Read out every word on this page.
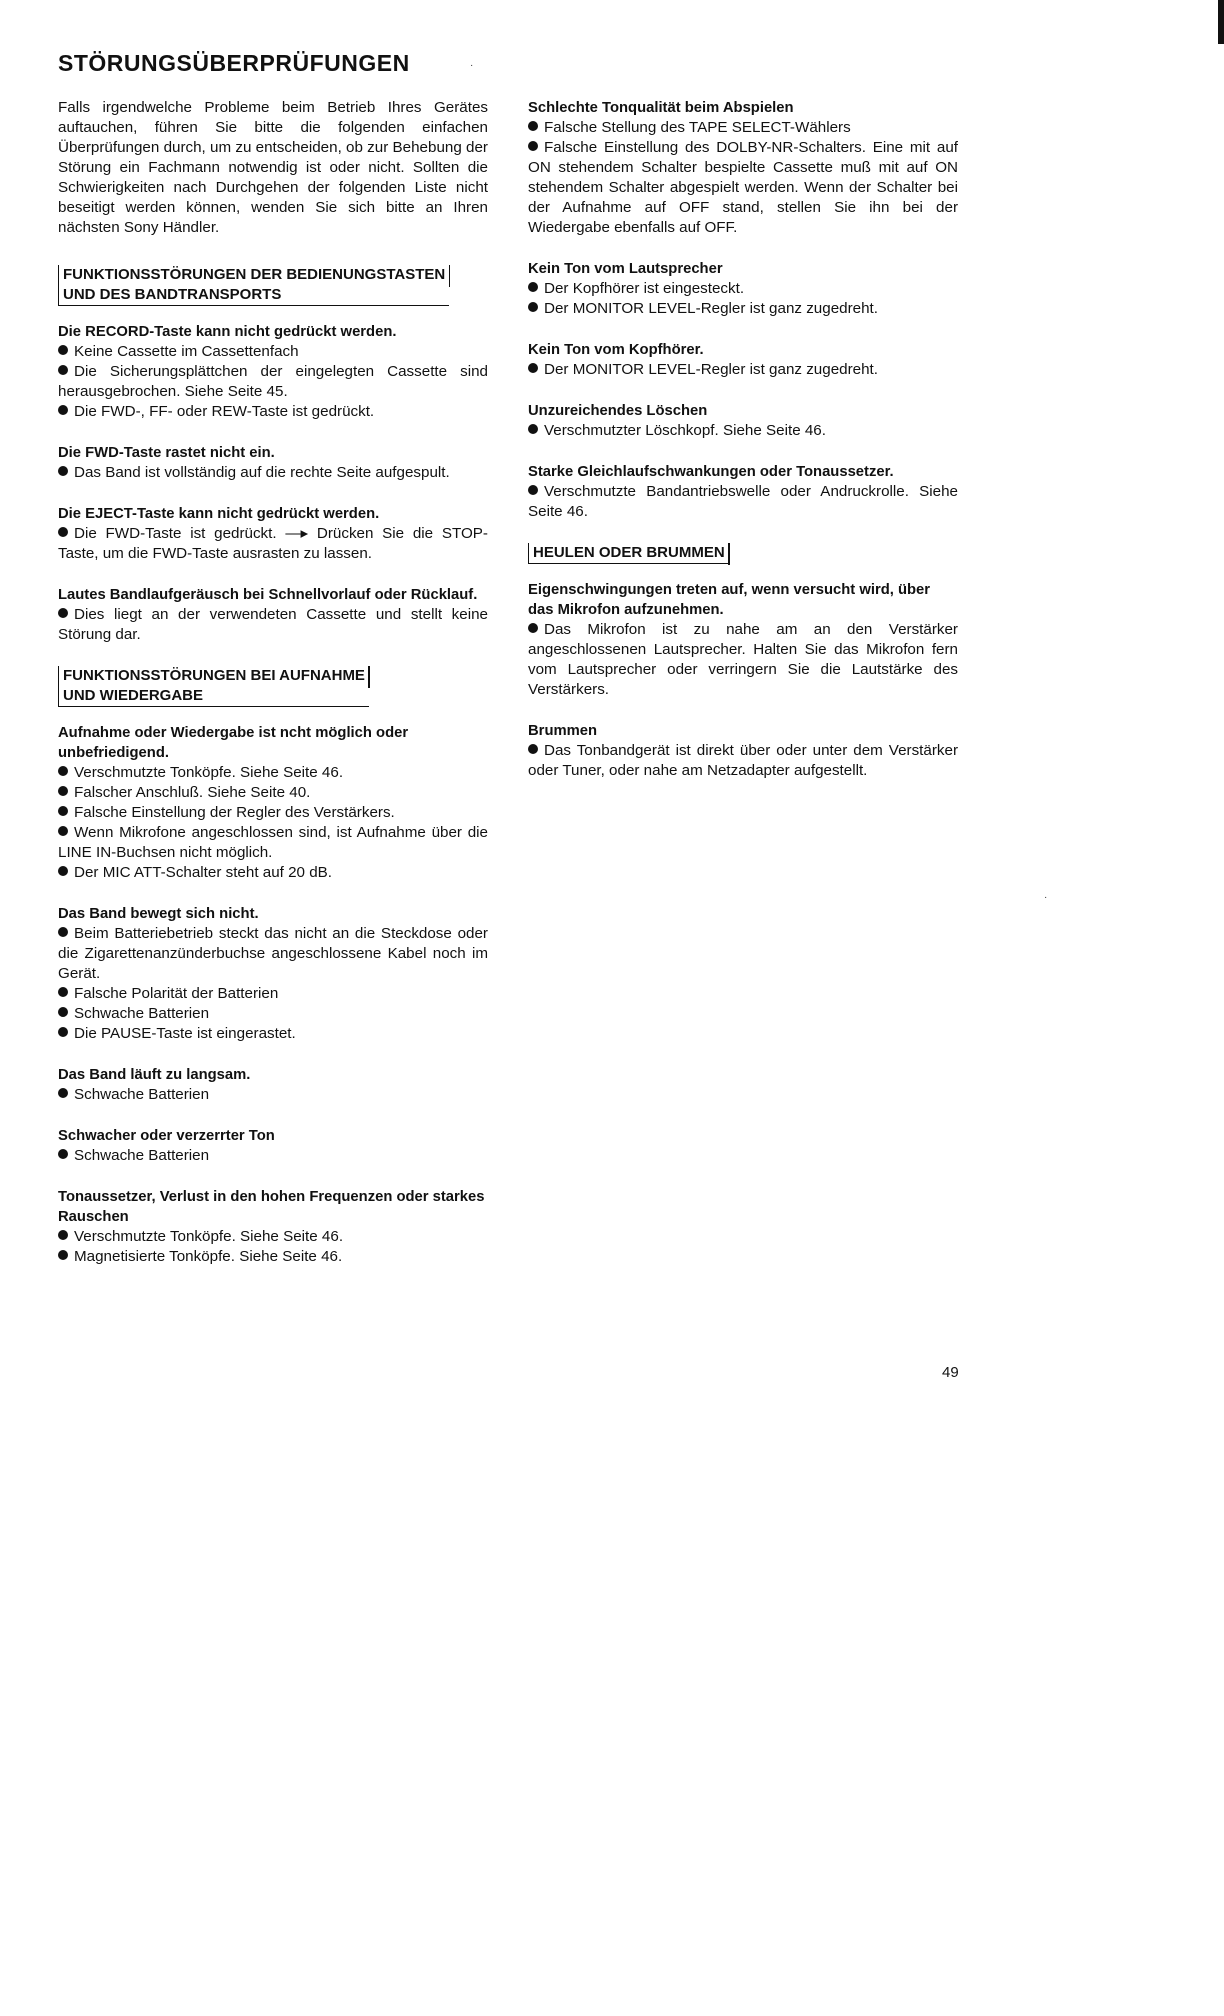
STÖRUNGSÜBERPRÜFUNGEN	·
·

Falls irgendwelche Probleme beim Betrieb Ihres Gerätes auftauchen, führen Sie bitte die folgenden einfachen Überprüfungen durch, um zu entscheiden, ob zur Behebung der Störung ein Fachmann notwendig ist oder nicht. Sollten die Schwierigkeiten nach Durchgehen der folgenden Liste nicht beseitigt werden können, wenden Sie sich bitte an Ihren nächsten Sony Händler.

FUNKTIONSSTÖRUNGEN DER BEDIENUNGSTASTEN
UND DES BANDTRANSPORTS

Die RECORD-Taste kann nicht gedrückt werden.

Keine Cassette im Cassettenfach

Die Sicherungsplättchen der eingelegten Cassette sind herausgebrochen. Siehe Seite 45.

Die FWD-, FF- oder REW-Taste ist gedrückt.

Die FWD-Taste rastet nicht ein.

Das Band ist vollständig auf die rechte Seite aufgespult.

Die EJECT-Taste kann nicht gedrückt werden.

Die FWD-Taste ist gedrückt. —▸ Drücken Sie die STOP-Taste, um die FWD-Taste ausrasten zu lassen.

Lautes Bandlaufgeräusch bei Schnellvorlauf oder Rücklauf.

Dies liegt an der verwendeten Cassette und stellt keine Störung dar.

FUNKTIONSSTÖRUNGEN BEI AUFNAHME
UND WIEDERGABE

Aufnahme oder Wiedergabe ist ncht möglich oder unbefriedigend.

Verschmutzte Tonköpfe. Siehe Seite 46.

Falscher Anschluß. Siehe Seite 40.

Falsche Einstellung der Regler des Verstärkers.

Wenn Mikrofone angeschlossen sind, ist Aufnahme über die LINE IN-Buchsen nicht möglich.

Der MIC ATT-Schalter steht auf 20 dB.

Das Band bewegt sich nicht.

Beim Batteriebetrieb steckt das nicht an die Steckdose oder die Zigarettenanzünderbuchse angeschlossene Kabel noch im Gerät.

Falsche Polarität der Batterien

Schwache Batterien

Die PAUSE-Taste ist eingerastet.

Das Band läuft zu langsam.

Schwache Batterien

Schwacher oder verzerrter Ton

Schwache Batterien

Tonaussetzer, Verlust in den hohen Frequenzen oder starkes Rauschen

Verschmutzte Tonköpfe. Siehe Seite 46.

Magnetisierte Tonköpfe. Siehe Seite 46.

Schlechte Tonqualität beim Abspielen

Falsche Stellung des TAPE SELECT-Wählers

Falsche Einstellung des DOLBY-NR-Schalters. Eine mit auf ON stehendem Schalter bespielte Cassette muß mit auf ON stehendem Schalter abgespielt werden. Wenn der Schalter bei der Aufnahme auf OFF stand, stellen Sie ihn bei der Wiedergabe ebenfalls auf OFF.

Kein Ton vom Lautsprecher

Der Kopfhörer ist eingesteckt.

Der MONITOR LEVEL-Regler ist ganz zugedreht.

Kein Ton vom Kopfhörer.

Der MONITOR LEVEL-Regler ist ganz zugedreht.

Unzureichendes Löschen

Verschmutzter Löschkopf. Siehe Seite 46.

Starke Gleichlaufschwankungen oder Tonaussetzer.

Verschmutzte Bandantriebswelle oder Andruckrolle. Siehe Seite 46.

HEULEN ODER BRUMMEN

Eigenschwingungen treten auf, wenn versucht wird, über das Mikrofon aufzunehmen.

Das Mikrofon ist zu nahe am an den Verstärker angeschlossenen Lautsprecher. Halten Sie das Mikrofon fern vom Lautsprecher oder verringern Sie die Lautstärke des Verstärkers.

Brummen

Das Tonbandgerät ist direkt über oder unter dem Verstärker oder Tuner, oder nahe am Netzadapter aufgestellt.

49
